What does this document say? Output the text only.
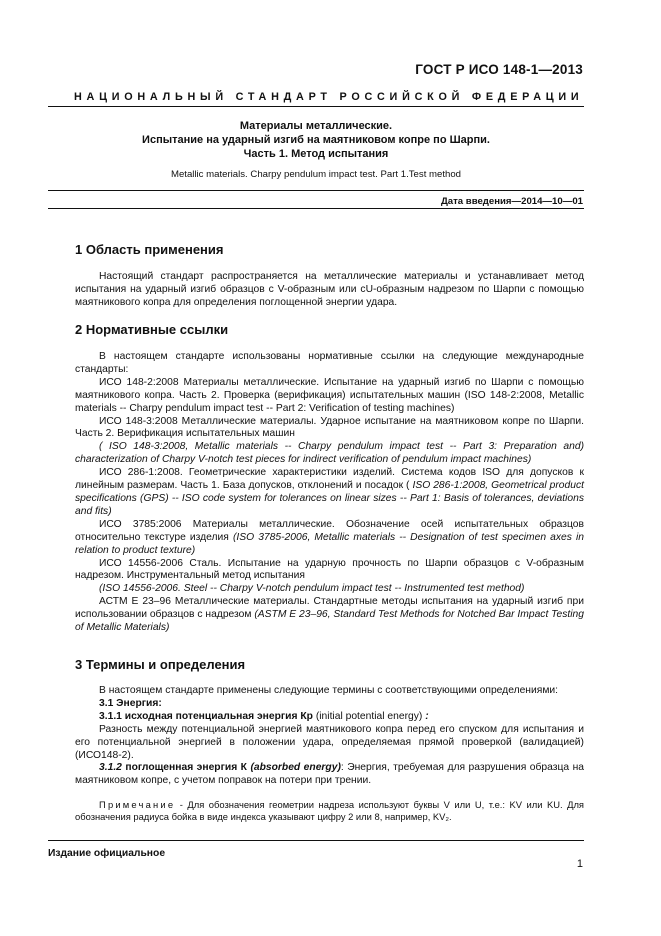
ГОСТ Р ИСО 148-1—2013
НАЦИОНАЛЬНЫЙ СТАНДАРТ РОССИЙСКОЙ ФЕДЕРАЦИИ
Материалы металлические.
Испытание на ударный изгиб на маятниковом копре по Шарпи.
Часть 1. Метод испытания
Metallic materials. Charpy pendulum impact test. Part 1.Test method
Дата введения—2014—10—01
1 Область применения

Настоящий стандарт распространяется на металлические материалы и устанавливает метод испытания на ударный изгиб образцов с V-образным или cU-образным надрезом по Шарпи с помощью маятникового копра для определения поглощенной энергии удара.

2 Нормативные ссылки

В настоящем стандарте использованы нормативные ссылки на следующие международные стандарты:

ИСО 148-2:2008 Материалы металлические. Испытание на ударный изгиб по Шарпи с помощью маятникового копра. Часть 2. Проверка (верификация) испытательных машин (ISO 148-2:2008, Metallic materials -- Charpy pendulum impact test -- Part 2: Verification of testing machines)

ИСО 148-3:2008 Металлические материалы. Ударное испытание на маятниковом копре по Шарпи. Часть 2. Верификация испытательных машин

( ISO 148-3:2008, Metallic materials -- Charpy pendulum impact test -- Part 3: Preparation and) characterization of Charpy V-notch test pieces for indirect verification of pendulum impact machines)

ИСО 286-1:2008. Геометрические характеристики изделий. Система кодов ISO для допусков к линейным размерам. Часть 1. База допусков, отклонений и посадок ( ISO 286-1:2008, Geometrical product specifications (GPS) -- ISO code system for tolerances on linear sizes -- Part 1: Basis of tolerances, deviations and fits)

ИСО 3785:2006 Материалы металлические. Обозначение осей испытательных образцов относительно текстуре изделия (ISO 3785-2006, Metallic materials -- Designation of test specimen axes in relation to product texture)

ИСО 14556-2006 Сталь. Испытание на ударную прочность по Шарпи образцов с V-образным надрезом. Инструментальный метод испытания

(ISO 14556-2006. Steel -- Charpy V-notch pendulum impact test -- Instrumented test method)

АСТМ Е 23–96 Металлические материалы. Стандартные методы испытания на ударный изгиб при использовании образцов с надрезом (ASTM E 23–96, Standard Test Methods for Notched Bar Impact Testing of Metallic Materials)

3 Термины и определения

В настоящем стандарте применены следующие термины с соответствующими определениями:

3.1 Энергия:

3.1.1 исходная потенциальная энергия Кр (initial potential energy) :

Разность между потенциальной энергией маятникового копра перед его спуском для испытания и его потенциальной энергией в положении удара, определяемая прямой проверкой (валидацией) (ИСО148-2).

3.1.2 поглощенная энергия К (absorbed energy): Энергия, требуемая для разрушения образца на маятниковом копре, с учетом поправок на потери при трении.

Примечание - Для обозначения геометрии надреза используют буквы V или U, т.е.: KV или KU. Для обозначения радиуса бойка в виде индекса указывают цифру 2 или 8, например, KV₂.

Издание официальное
1
